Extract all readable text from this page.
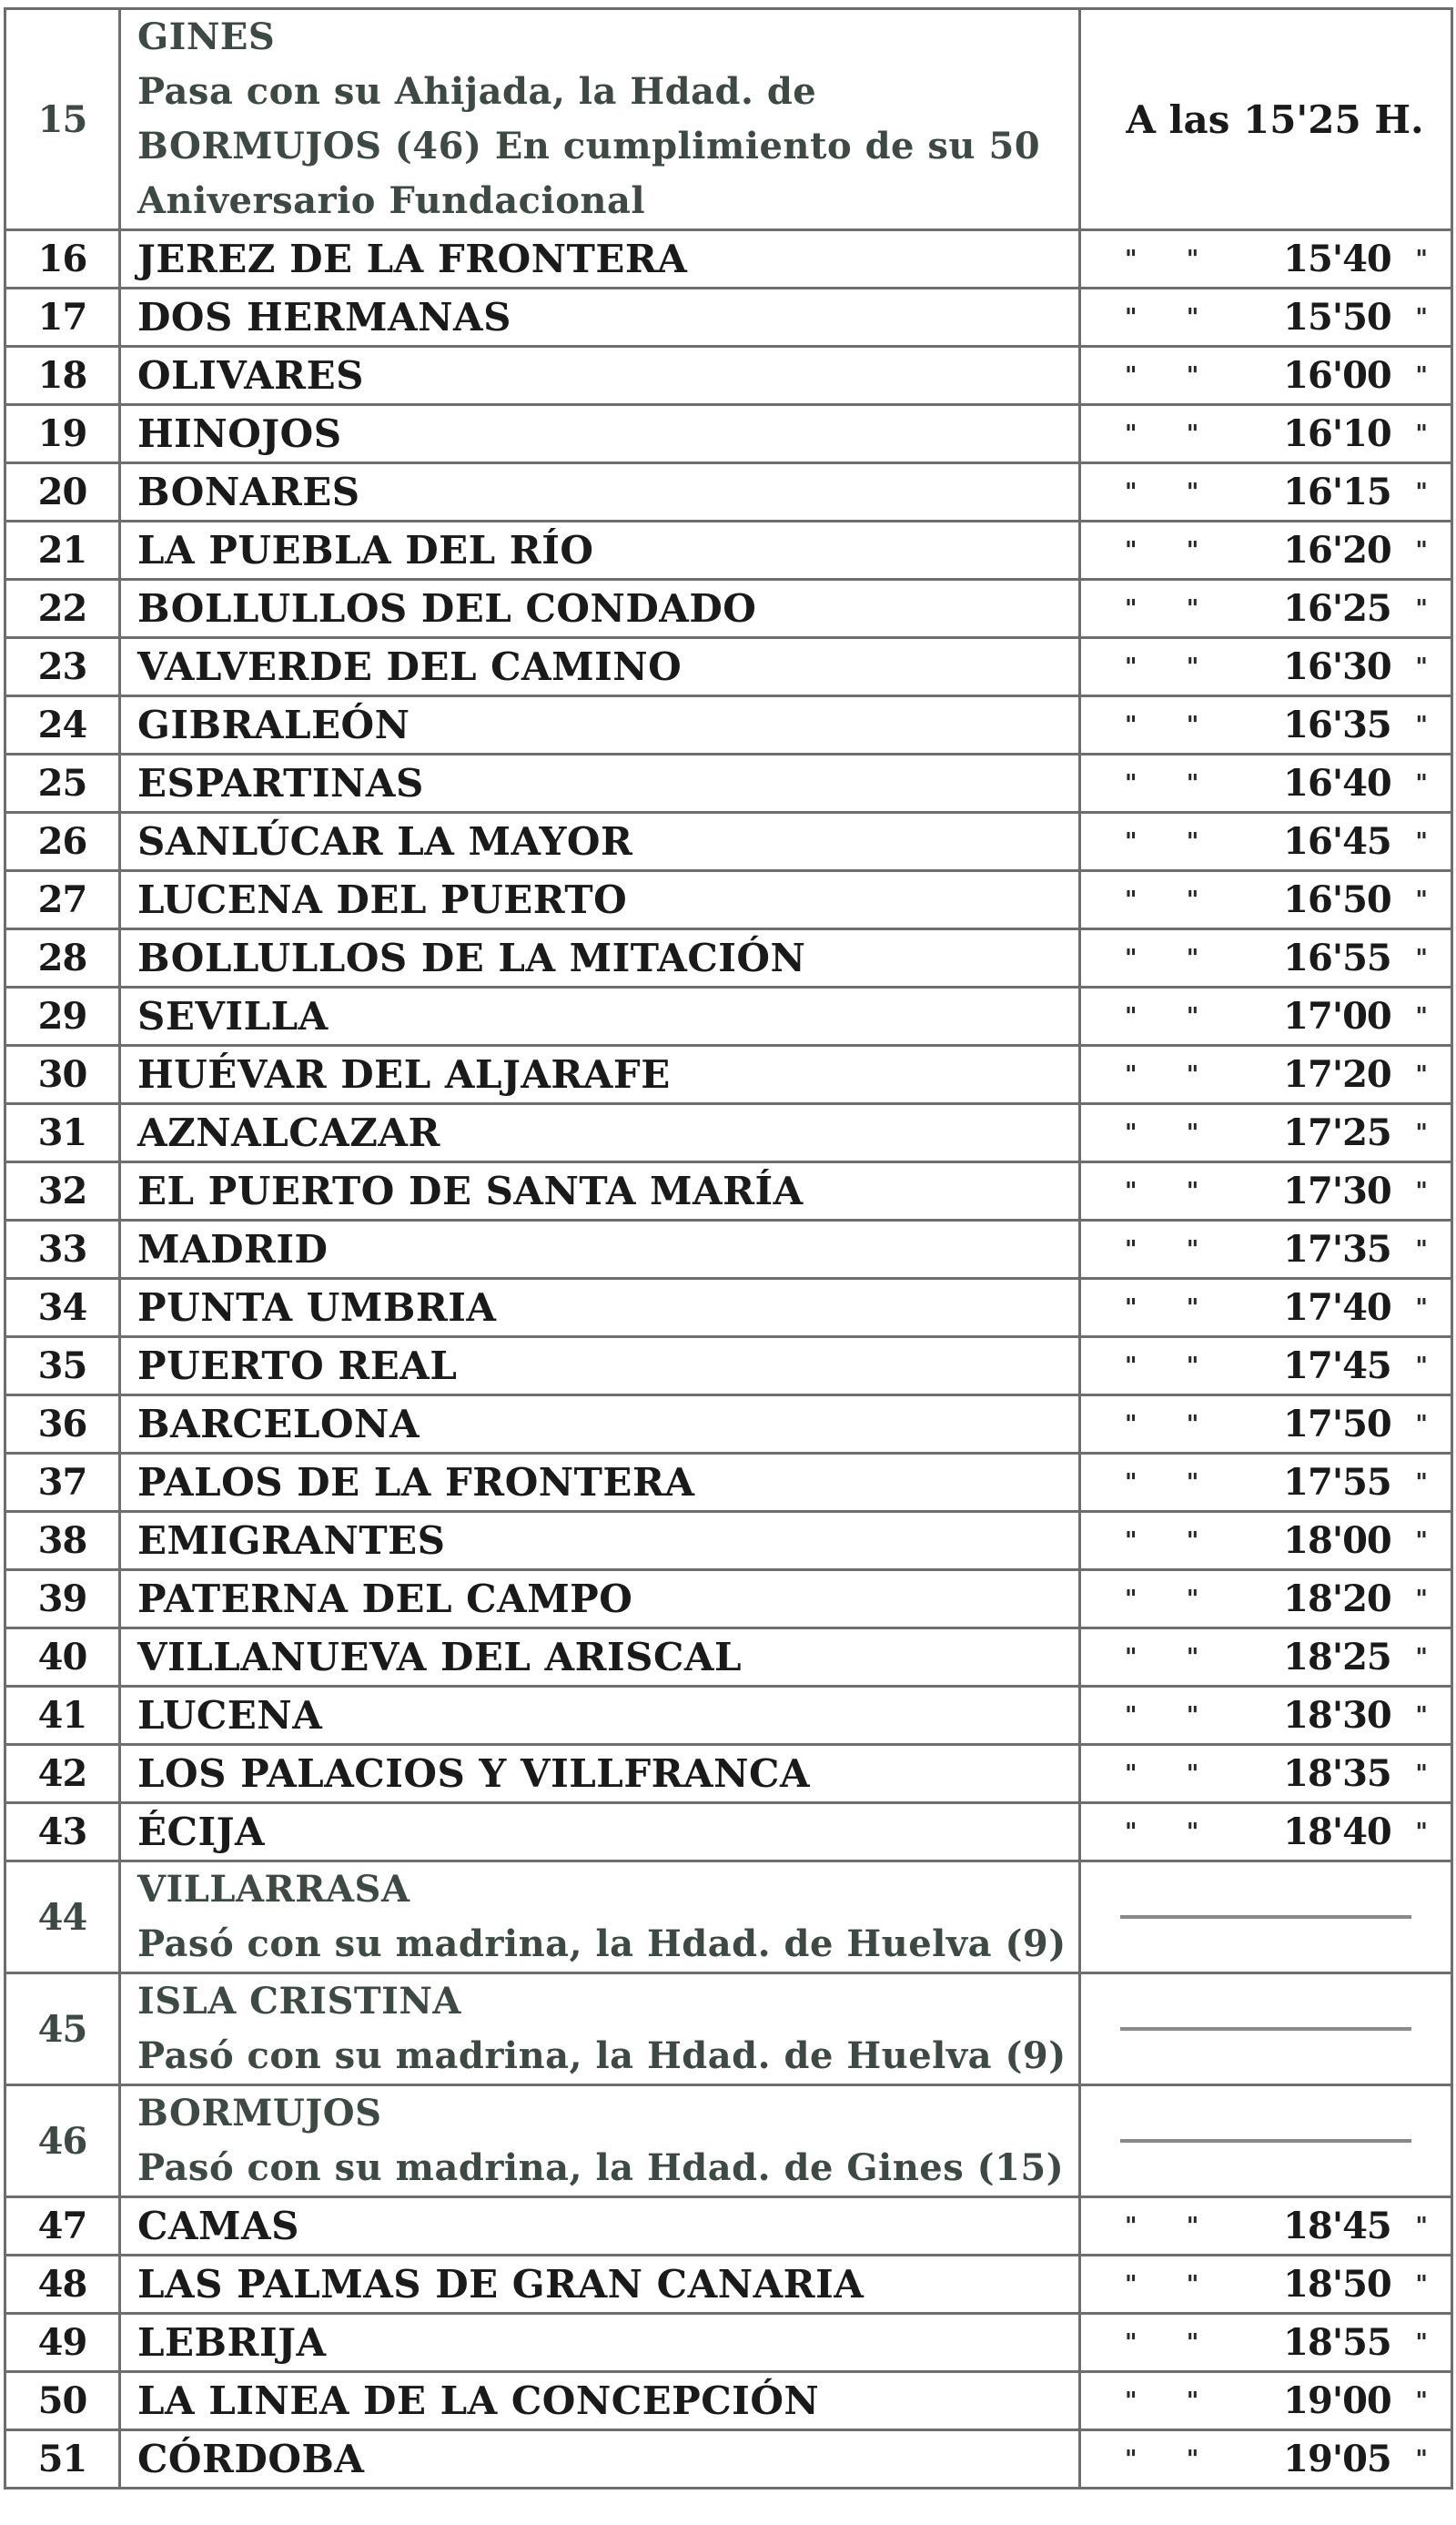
15	GINES
Pasa con su Ahijada, la Hdad. de
BORMUJOS (46) En cumplimiento de su 50
Aniversario Fundacional	A las 15'25 H.

16	JEREZ DE LA FRONTERA	" " 15'40 "

17	DOS HERMANAS	" " 15'50 "

18	OLIVARES	" " 16'00 "

19	HINOJOS	" " 16'10 "

20	BONARES	" " 16'15 "

21	LA PUEBLA DEL RÍO	" " 16'20 "

22	BOLLULLOS DEL CONDADO	" " 16'25 "

23	VALVERDE DEL CAMINO	" " 16'30 "

24	GIBRALEÓN	" " 16'35 "

25	ESPARTINAS	" " 16'40 "

26	SANLÚCAR LA MAYOR	" " 16'45 "

27	LUCENA DEL PUERTO	" " 16'50 "

28	BOLLULLOS DE LA MITACIÓN	" " 16'55 "

29	SEVILLA	" " 17'00 "

30	HUÉVAR DEL ALJARAFE	" " 17'20 "

31	AZNALCAZAR	" " 17'25 "

32	EL PUERTO DE SANTA MARÍA	" " 17'30 "

33	MADRID	" " 17'35 "

34	PUNTA UMBRIA	" " 17'40 "

35	PUERTO REAL	" " 17'45 "

36	BARCELONA	" " 17'50 "

37	PALOS DE LA FRONTERA	" " 17'55 "

38	EMIGRANTES	" " 18'00 "

39	PATERNA DEL CAMPO	" " 18'20 "

40	VILLANUEVA DEL ARISCAL	" " 18'25 "

41	LUCENA	" " 18'30 "

42	LOS PALACIOS Y VILLFRANCA	" " 18'35 "

43	ÉCIJA	" " 18'40 "

44	VILLARRASA
Pasó con su madrina, la Hdad. de Huelva (9)	

45	ISLA CRISTINA
Pasó con su madrina, la Hdad. de Huelva (9)	

46	BORMUJOS
Pasó con su madrina, la Hdad. de Gines (15)	

47	CAMAS	" " 18'45 "

48	LAS PALMAS DE GRAN CANARIA	" " 18'50 "

49	LEBRIJA	" " 18'55 "

50	LA LINEA DE LA CONCEPCIÓN	" " 19'00 "

51	CÓRDOBA	" " 19'05 "
